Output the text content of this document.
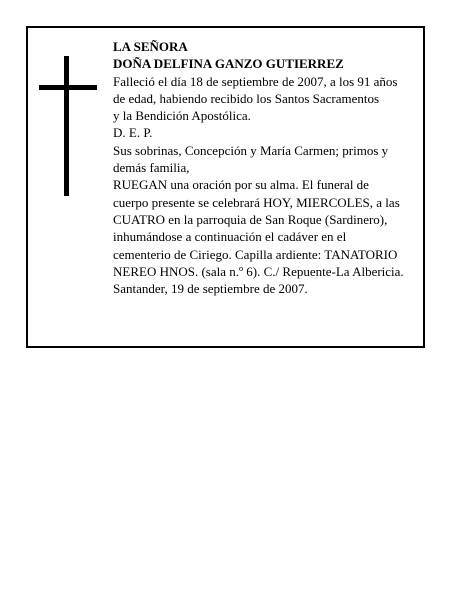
LA SEÑORA
DOÑA DELFINA GANZO GUTIERREZ
Falleció el día 18 de septiembre de 2007, a los 91 años
de edad, habiendo recibido los Santos Sacramentos
y la Bendición Apostólica.
D. E. P.
Sus sobrinas, Concepción y María Carmen; primos y
demás familia,
RUEGAN una oración por su alma. El funeral de
cuerpo presente se celebrará HOY, MIERCOLES, a las
CUATRO en la parroquia de San Roque (Sardinero),
inhumándose a continuación el cadáver en el
cementerio de Ciriego. Capilla ardiente: TANATORIO
NEREO HNOS. (sala n.º 6). C./ Repuente-La Albericia.
Santander, 19 de septiembre de 2007.
